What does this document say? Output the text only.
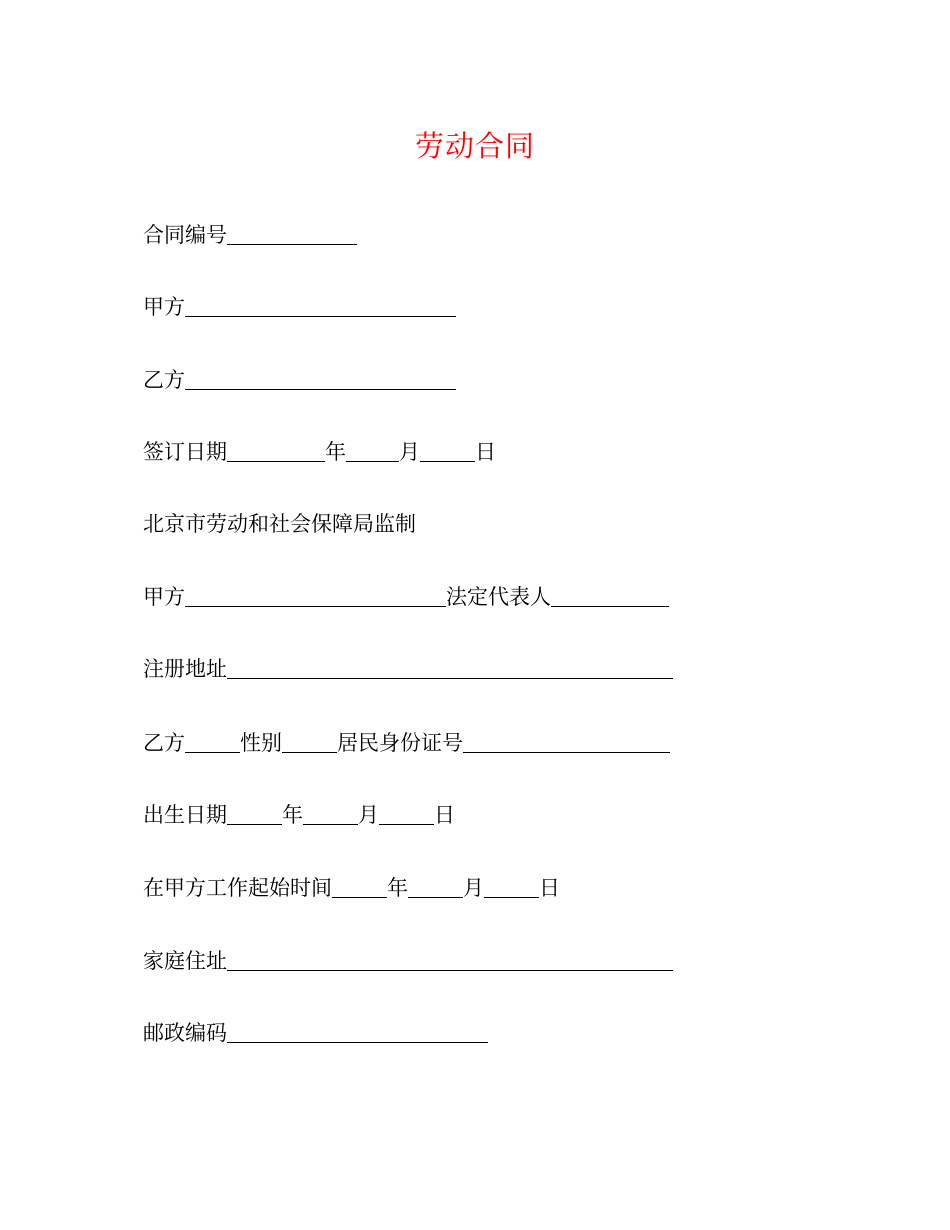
劳动合同
合同编号
甲方
乙方
签订日期	年	月	日
北京市劳动和社会保障局监制
甲方	法定代表人
注册地址
乙方	性别	居民身份证号
出生日期	年	月	日
在甲方工作起始时间	年	月	日
家庭住址
邮政编码
